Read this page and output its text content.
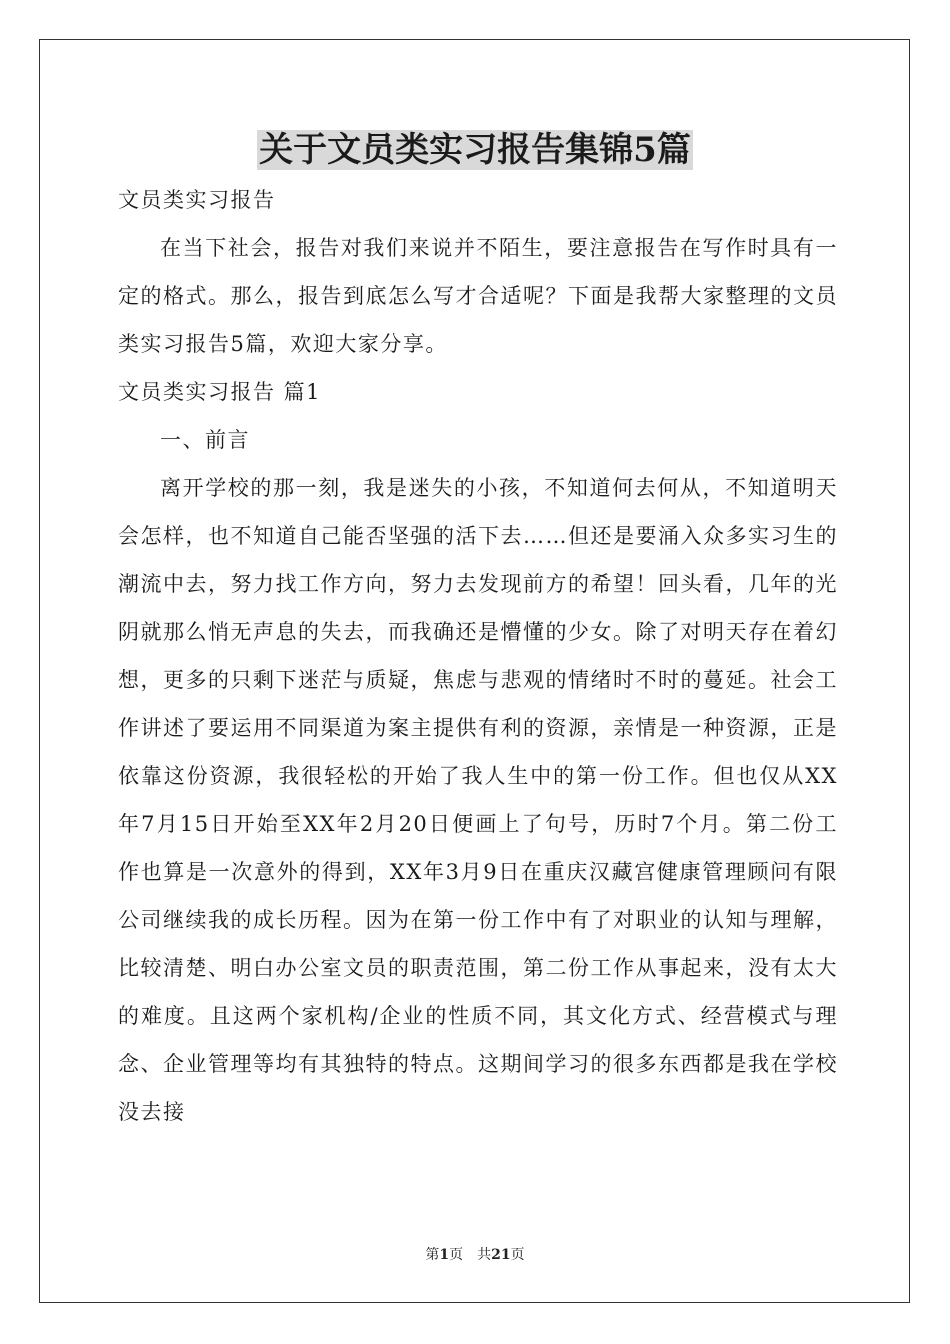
关于文员类实习报告集锦5篇

文员类实习报告

在当下社会，报告对我们来说并不陌生，要注意报告在写作时具有一定的格式。那么，报告到底怎么写才合适呢？下面是我帮大家整理的文员类实习报告5篇，欢迎大家分享。

文员类实习报告 篇1

一、前言

离开学校的那一刻，我是迷失的小孩，不知道何去何从，不知道明天会怎样，也不知道自己能否坚强的活下去……但还是要涌入众多实习生的潮流中去，努力找工作方向，努力去发现前方的希望！回头看，几年的光阴就那么悄无声息的失去，而我确还是懵懂的少女。除了对明天存在着幻想，更多的只剩下迷茫与质疑，焦虑与悲观的情绪时不时的蔓延。社会工作讲述了要运用不同渠道为案主提供有利的资源，亲情是一种资源，正是依靠这份资源，我很轻松的开始了我人生中的第一份工作。但也仅从XX年7月15日开始至XX年2月20日便画上了句号，历时7个月。第二份工作也算是一次意外的得到，XX年3月9日在重庆汉藏宫健康管理顾问有限公司继续我的成长历程。因为在第一份工作中有了对职业的认知与理解，比较清楚、明白办公室文员的职责范围，第二份工作从事起来，没有太大的难度。且这两个家机构/企业的性质不同，其文化方式、经营模式与理念、企业管理等均有其独特的特点。这期间学习的很多东西都是我在学校没去接

第1页　共21页
